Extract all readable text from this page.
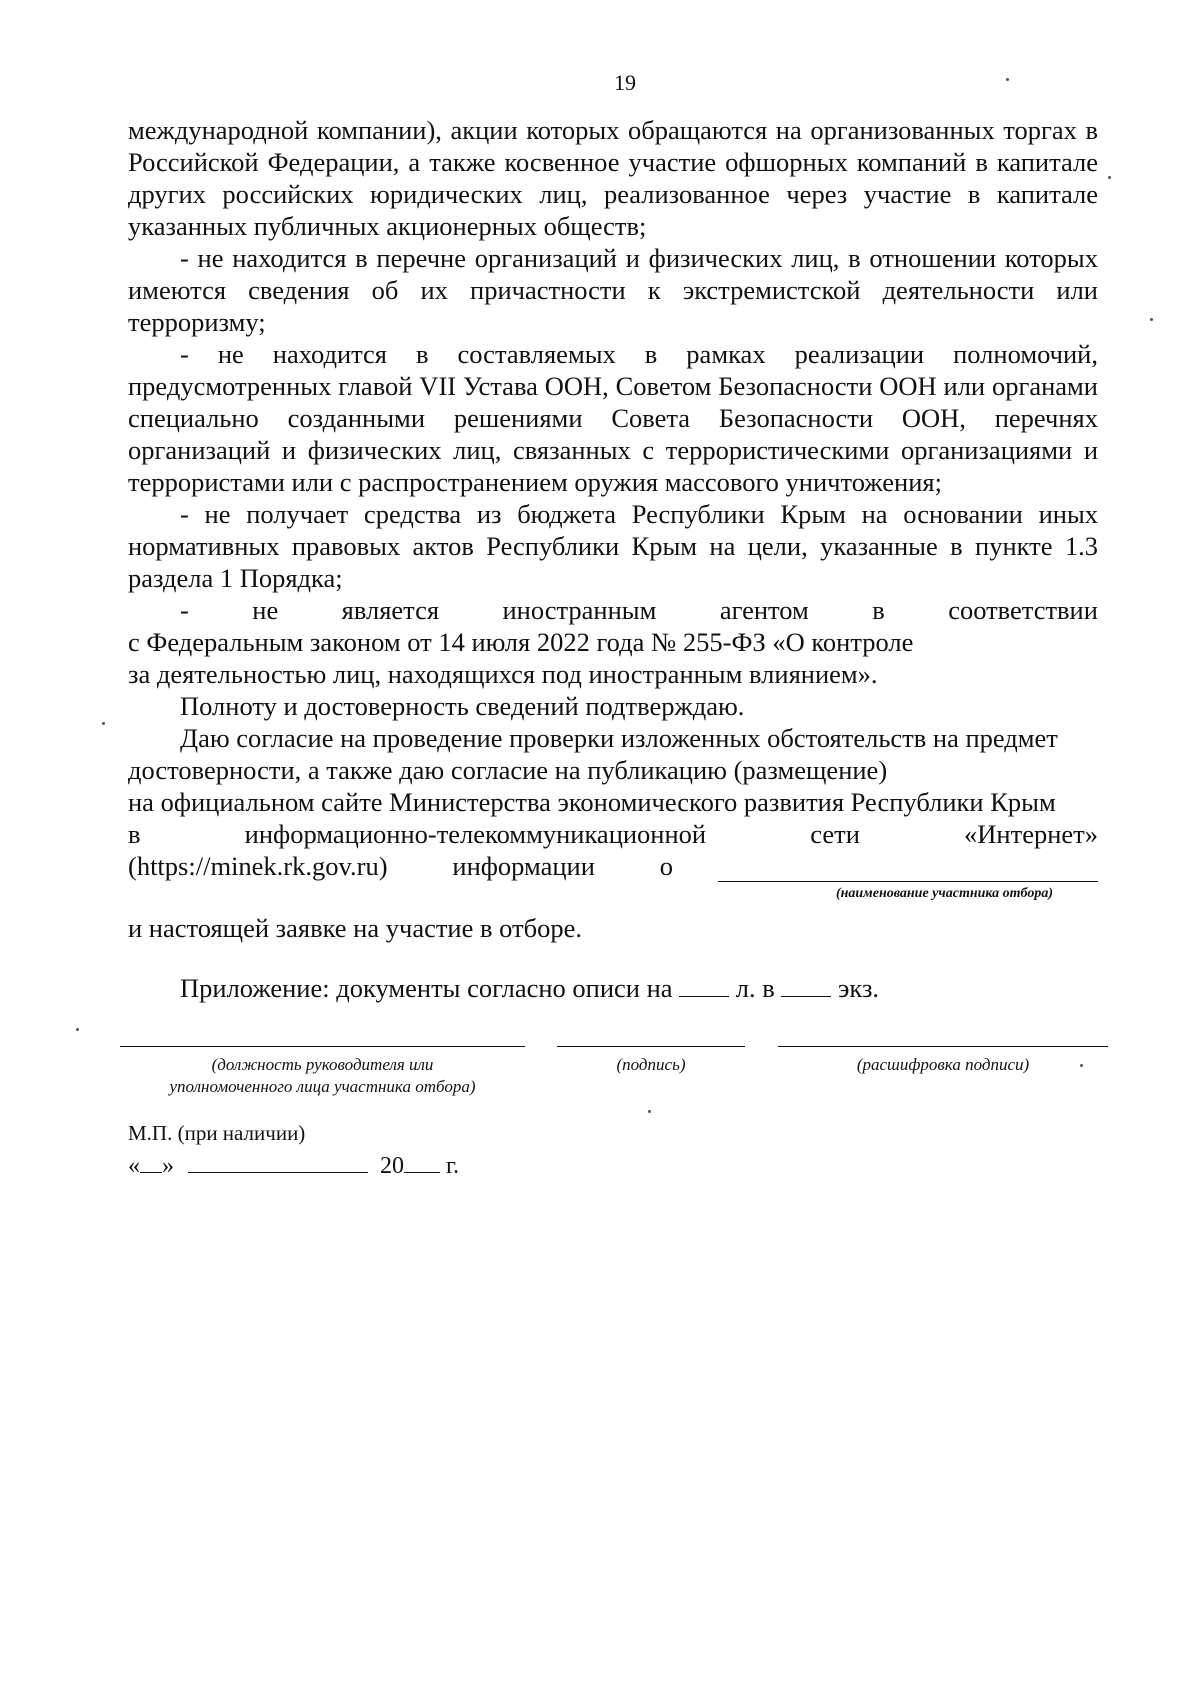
19

международной компании), акции которых обращаются на организованных торгах в Российской Федерации, а также косвенное участие офшорных компаний в капитале других российских юридических лиц, реализованное через участие в капитале указанных публичных акционерных обществ;

- не находится в перечне организаций и физических лиц, в отношении которых имеются сведения об их причастности к экстремистской деятельности или терроризму;

- не находится в составляемых в рамках реализации полномочий, предусмотренных главой VII Устава ООН, Советом Безопасности ООН или органами специально созданными решениями Совета Безопасности ООН, перечнях организаций и физических лиц, связанных с террористическими организациями и террористами или с распространением оружия массового уничтожения;

- не получает средства из бюджета Республики Крым на основании иных нормативных правовых актов Республики Крым на цели, указанные в пункте 1.3 раздела 1 Порядка;

- не является иностранным агентом в соответствии

с Федеральным законом от 14 июля 2022 года № 255-ФЗ «О контроле

за деятельностью лиц, находящихся под иностранным влиянием».

Полноту и достоверность сведений подтверждаю.

Даю согласие на проведение проверки изложенных обстоятельств на предмет

достоверности, а также даю согласие на публикацию (размещение)

на официальном сайте Министерства экономического развития Республики Крым

в	информационно-телекоммуникационной	сети	«Интернет»
(https://minek.rk.gov.ru) информации о
(наименование участника отбора)

и настоящей заявке на участие в отборе.

Приложение: документы согласно описи на л. в экз.

(должность руководителя или
уполномоченного лица участника отбора)
(подпись)	(расшифровка подписи)
М.П. (при наличии)
« »	20 г.
